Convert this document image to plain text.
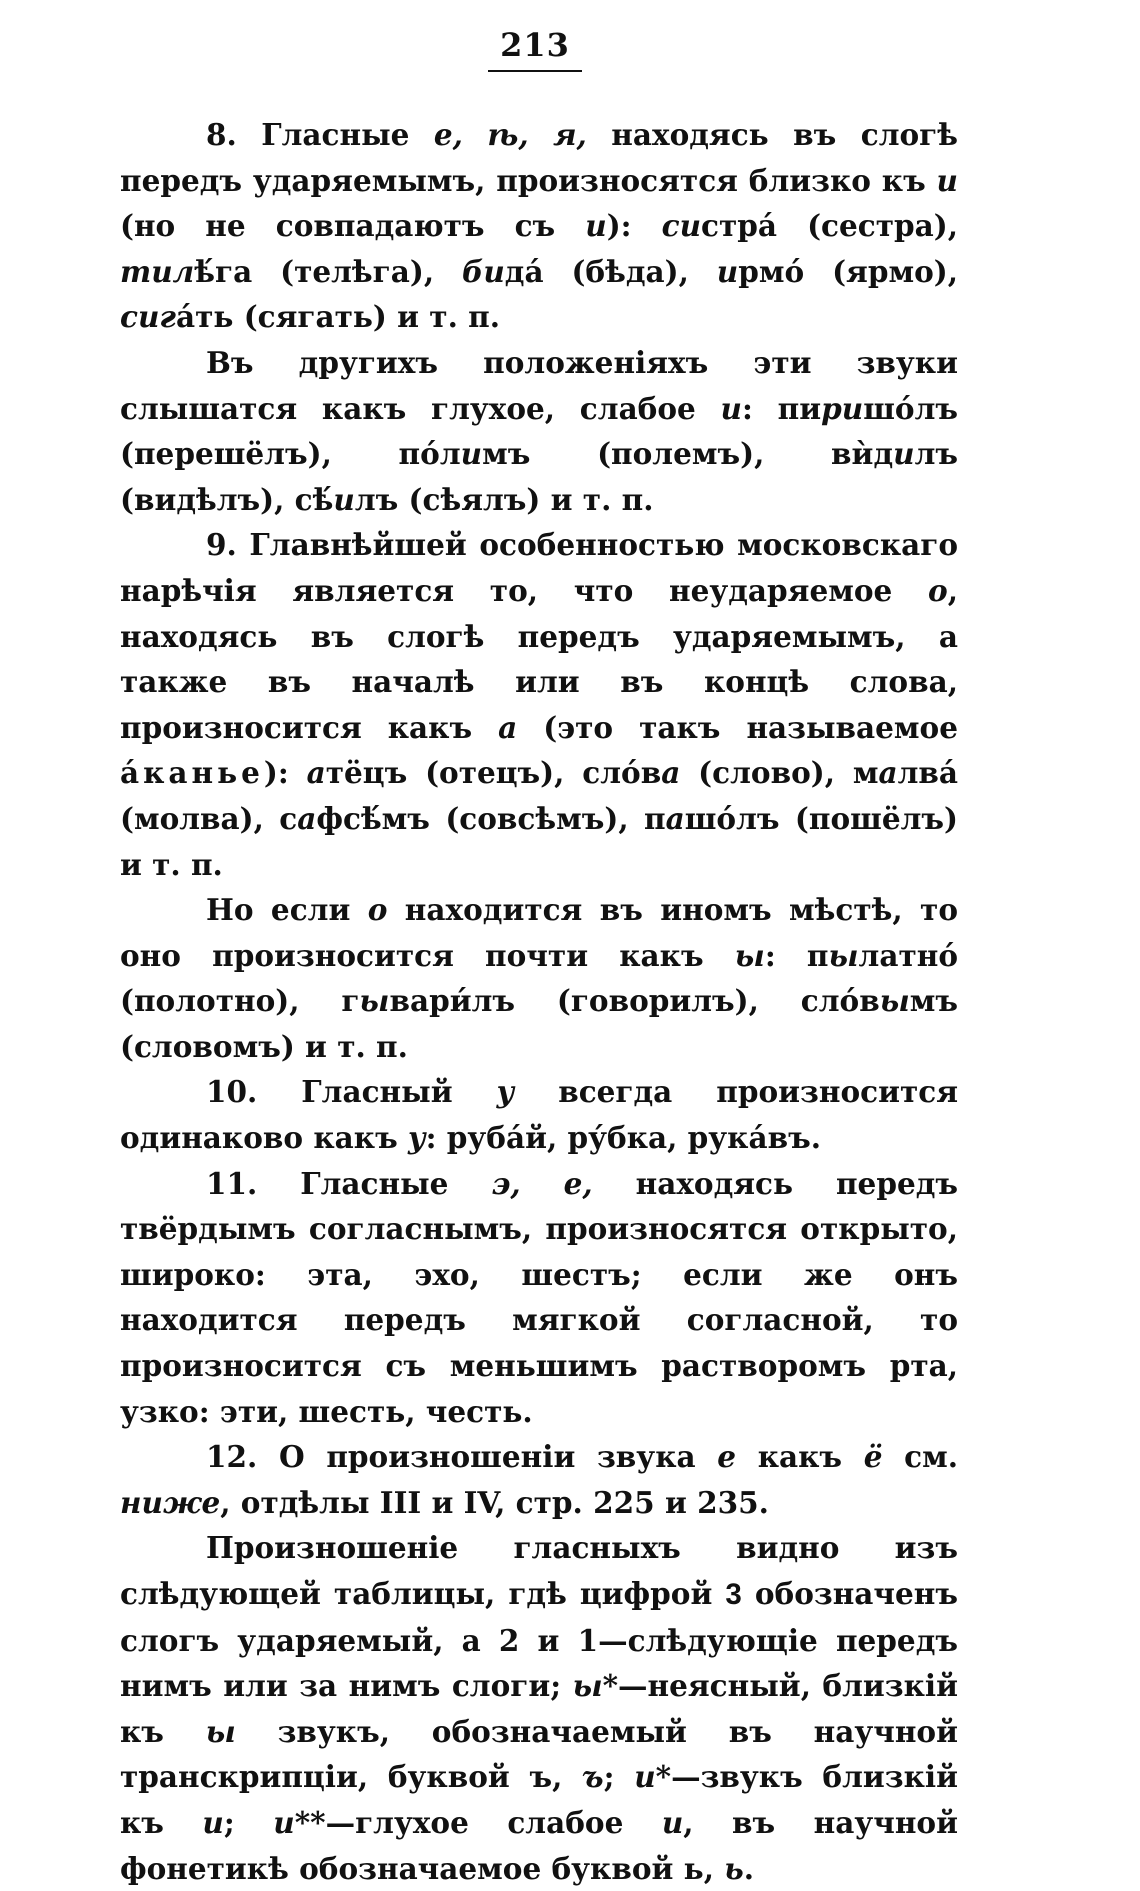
213

8. Гласные е, ѣ, я, находясь въ слогѣ передъ ударяемымъ, произносятся близко къ и (но не совпадаютъ съ и): систра́ (сестра), тилѣ́га (телѣга), бида́ (бѣда), ирмо́ (ярмо), сига́ть (сягать) и т. п.

Въ другихъ положеніяхъ эти звуки слышатся какъ глухое, слабое и: пиришо́лъ (перешёлъ), по́лимъ (полемъ), вѝдилъ (видѣлъ), сѣ́илъ (сѣялъ) и т. п.

9. Главнѣйшей особенностью московскаго нарѣчія является то, что неударяемое о, находясь въ слогѣ передъ ударяемымъ, а также въ началѣ или въ концѣ слова, произносится какъ а (это такъ называемое а́канье): атёцъ (отецъ), сло́ва (слово), малва́ (молва), сафсѣ́мъ (совсѣмъ), пашо́лъ (пошёлъ) и т. п.

Но если о находится въ иномъ мѣстѣ, то оно произносится почти какъ ы: пылатно́ (полотно), гывари́лъ (говорилъ), сло́вымъ (словомъ) и т. п.

10. Гласный у всегда произносится одинаково какъ у: руба́й, ру́бка, рука́въ.

11. Гласные э, е, находясь передъ твёрдымъ согласнымъ, произносятся открыто, широко: эта, эхо, шестъ; если же онъ находится передъ мягкой согласной, то произносится съ меньшимъ растворомъ рта, узко: эти, шесть, честь.

12. О произношеніи звука е какъ ё см. ниже, отдѣлы III и IV, стр. 225 и 235.

Произношеніе гласныхъ видно изъ слѣдующей таблицы, гдѣ цифрой 3 обозначенъ слогъ ударяемый, а 2 и 1—слѣдующіе передъ нимъ или за нимъ слоги; ы*—неясный, близкій къ ы звукъ, обозначаемый въ научной транскрипціи, буквой ъ, ъ; и*—звукъ близкій къ и; и**—глухое слабое и, въ научной фонетикѣ обозначаемое буквой ь, ь.
